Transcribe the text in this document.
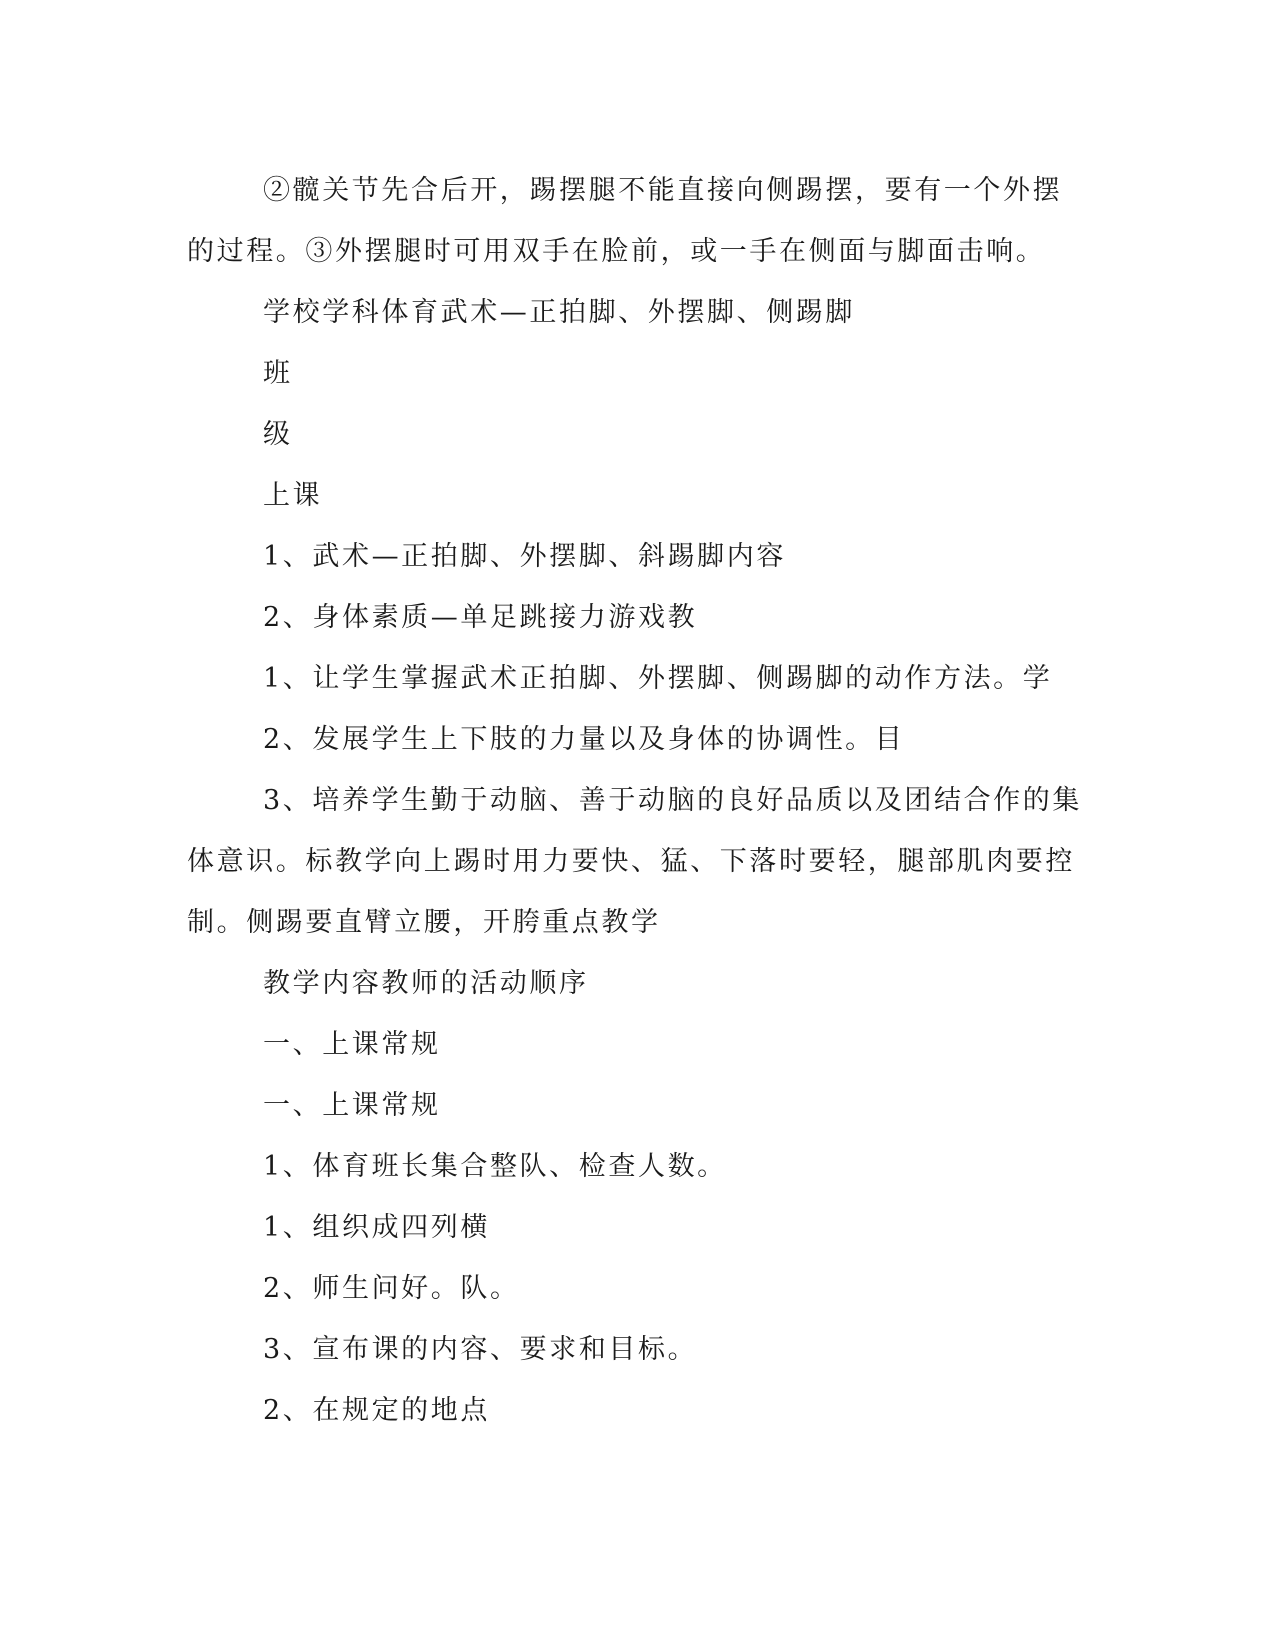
②髋关节先合后开，踢摆腿不能直接向侧踢摆，要有一个外摆的过程。③外摆腿时可用双手在脸前，或一手在侧面与脚面击响。

学校学科体育武术—正拍脚、外摆脚、侧踢脚

班

级

上课

1、武术—正拍脚、外摆脚、斜踢脚内容

2、身体素质—单足跳接力游戏教

1、让学生掌握武术正拍脚、外摆脚、侧踢脚的动作方法。学

2、发展学生上下肢的力量以及身体的协调性。目

3、培养学生勤于动脑、善于动脑的良好品质以及团结合作的集体意识。标教学向上踢时用力要快、猛、下落时要轻，腿部肌肉要控制。侧踢要直臂立腰，开胯重点教学

教学内容教师的活动顺序

一、上课常规

一、上课常规

1、体育班长集合整队、检查人数。

1、组织成四列横

2、师生问好。队。

3、宣布课的内容、要求和目标。

2、在规定的地点
